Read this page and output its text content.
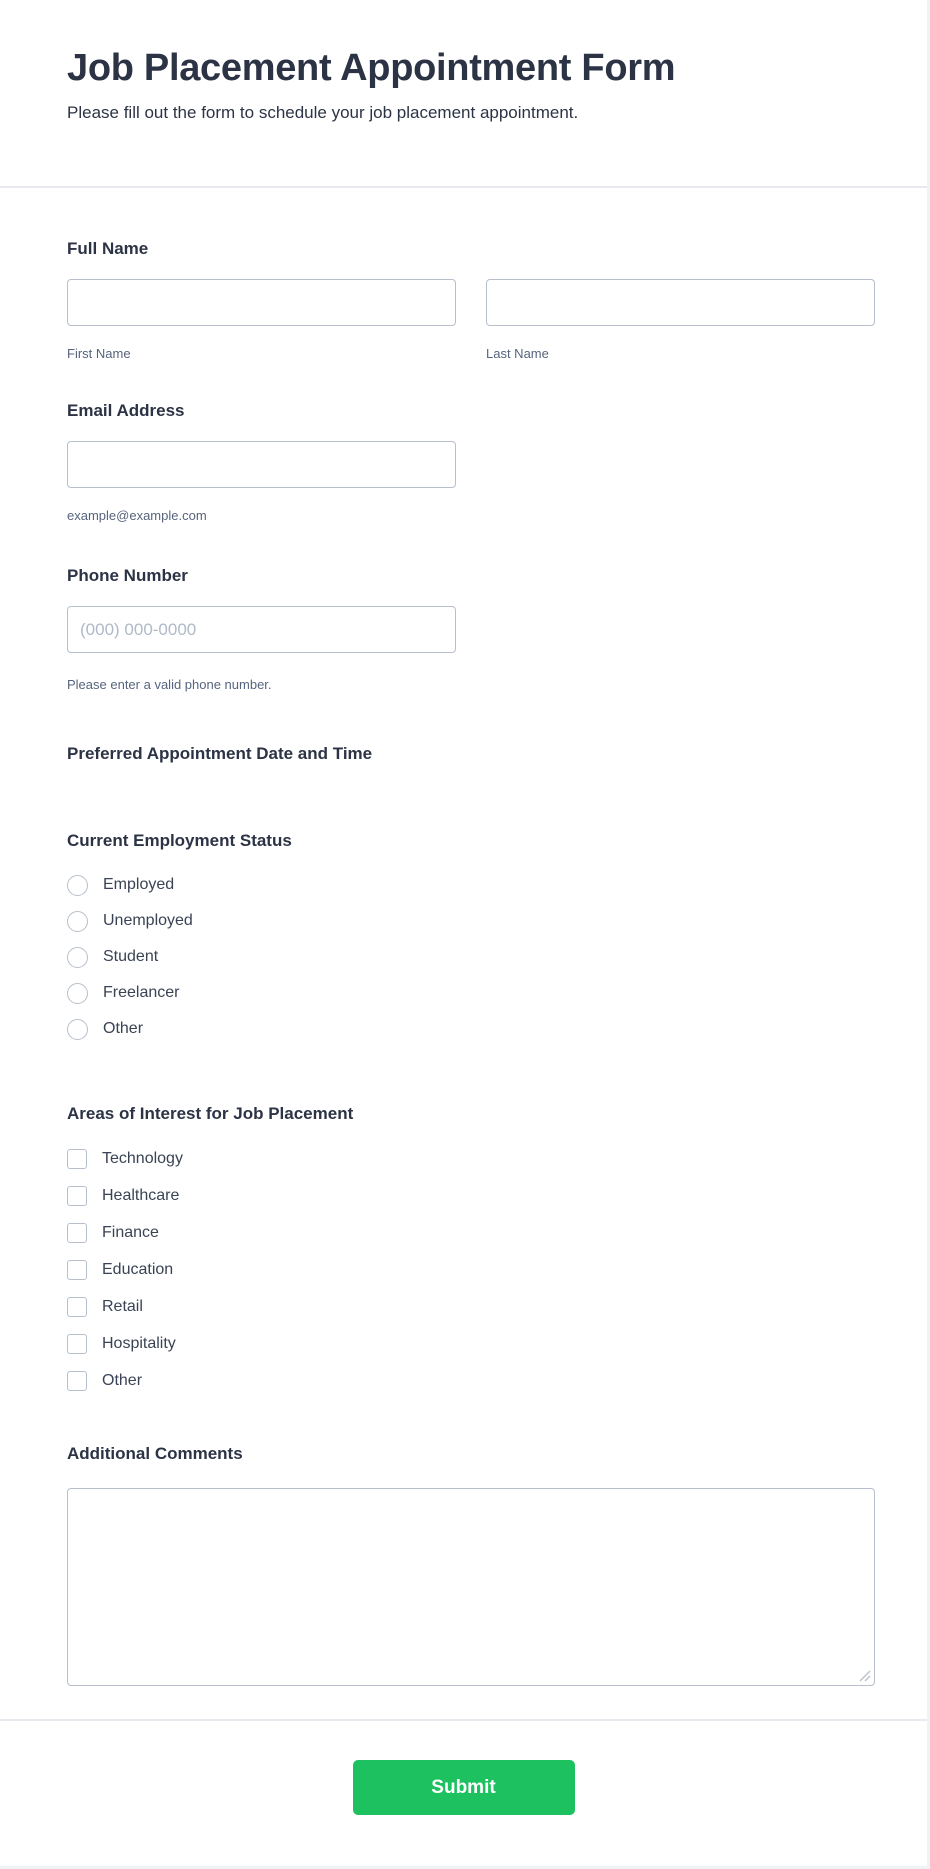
Job Placement Appointment Form

Please fill out the form to schedule your job placement appointment.

Full Name
First Name	Last Name
Email Address
example@example.com
Phone Number
(000) 000-0000
Please enter a valid phone number.
Preferred Appointment Date and Time
Current Employment Status
Employed
Unemployed
Student
Freelancer
Other
Areas of Interest for Job Placement
Technology
Healthcare
Finance
Education
Retail
Hospitality
Other
Additional Comments
Submit
